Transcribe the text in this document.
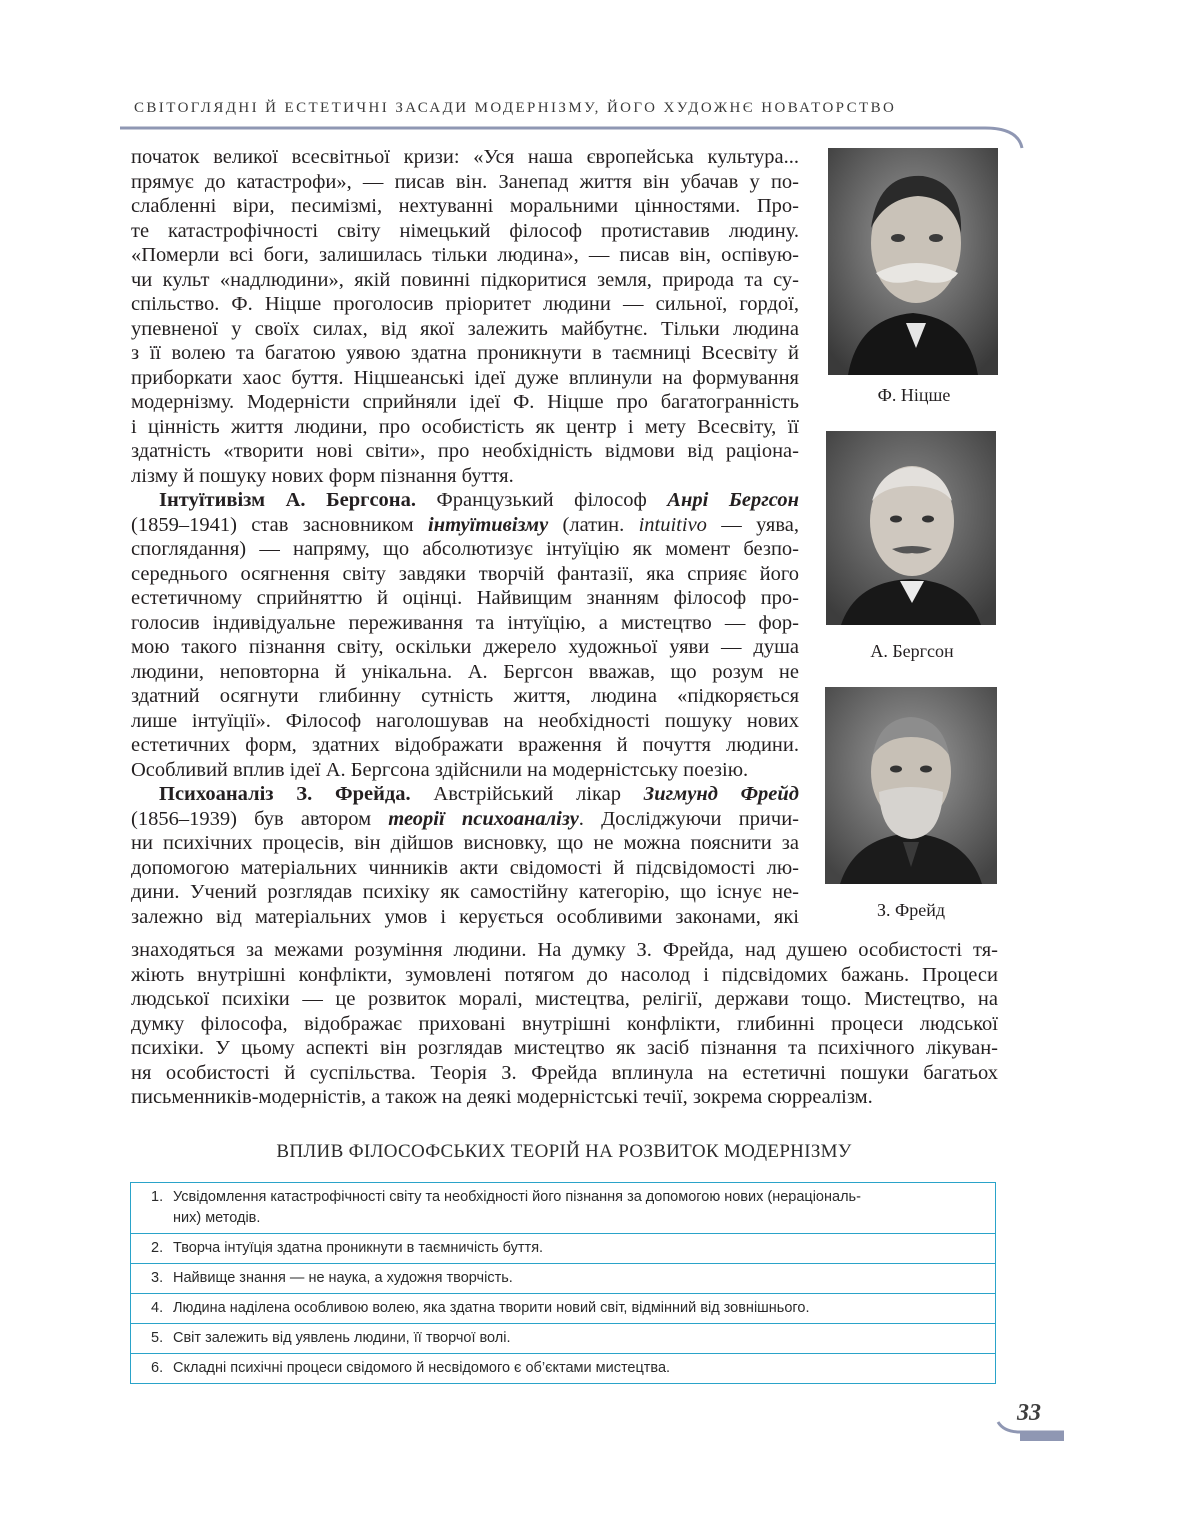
СВІТОГЛЯДНІ Й ЕСТЕТИЧНІ ЗАСАДИ МОДЕРНІЗМУ, ЙОГО ХУДОЖНЄ НОВАТОРСТВО
початок великої всесвітньої кризи: «Уся наша європейська культура...
прямує до катастрофи», — писав він. Занепад життя він убачав у по-
слабленні віри, песимізмі, нехтуванні моральними цінностями. Про-
те катастрофічності світу німецький філософ протиставив людину.
«Померли всі боги, залишилась тільки людина», — писав він, оспівую-
чи культ «надлюдини», якій повинні підкоритися земля, природа та су-
спільство. Ф. Ніцше проголосив пріоритет людини — сильної, гордої,
упевненої у своїх силах, від якої залежить майбутнє. Тільки людина
з її волею та багатою уявою здатна проникнути в таємниці Всесвіту й
приборкати хаос буття. Ніцшеанські ідеї дуже вплинули на формування
модернізму. Модерністи сприйняли ідеї Ф. Ніцше про багатогранність
і цінність життя людини, про особистість як центр і мету Всесвіту, її
здатність «творити нові світи», про необхідність відмови від раціона-
лізму й пошуку нових форм пізнання буття.
Інтуїтивізм А. Бергсона. Французький філософ Анрі Бергсон
(1859–1941) став засновником інтуїтивізму (латин. intuitivo — уява,
споглядання) — напряму, що абсолютизує інтуїцію як момент безпо-
середнього осягнення світу завдяки творчій фантазії, яка сприяє його
естетичному сприйняттю й оцінці. Найвищим знанням філософ про-
голосив індивідуальне переживання та інтуїцію, а мистецтво — фор-
мою такого пізнання світу, оскільки джерело художньої уяви — душа
людини, неповторна й унікальна. А. Бергсон вважав, що розум не
здатний осягнути глибинну сутність життя, людина «підкоряється
лише інтуїції». Філософ наголошував на необхідності пошуку нових
естетичних форм, здатних відображати враження й почуття людини.
Особливий вплив ідеї А. Бергсона здійснили на модерністську поезію.
Психоаналіз З. Фрейда. Австрійський лікар Зигмунд Фрейд
(1856–1939) був автором теорії психоаналізу. Досліджуючи причи-
ни психічних процесів, він дійшов висновку, що не можна пояснити за
допомогою матеріальних чинників акти свідомості й підсвідомості лю-
дини. Учений розглядав психіку як самостійну категорію, що існує не-
залежно від матеріальних умов і керується особливими законами, які
знаходяться за межами розуміння людини. На думку З. Фрейда, над душею особистості тя-
жіють внутрішні конфлікти, зумовлені потягом до насолод і підсвідомих бажань. Процеси
людської психіки — це розвиток моралі, мистецтва, релігії, держави тощо. Мистецтво, на
думку філософа, відображає приховані внутрішні конфлікти, глибинні процеси людської
психіки. У цьому аспекті він розглядав мистецтво як засіб пізнання та психічного лікуван-
ня особистості й суспільства. Теорія З. Фрейда вплинула на естетичні пошуки багатьох
письменників-модерністів, а також на деякі модерністські течії, зокрема сюрреалізм.
Ф. Ніцше
А. Бергсон
З. Фрейд
ВПЛИВ ФІЛОСОФСЬКИХ ТЕОРІЙ НА РОЗВИТОК МОДЕРНІЗМУ
1. Усвідомлення катастрофічності світу та необхідності його пізнання за допомогою нових (нераціональ-
них) методів.
2. Творча інтуїція здатна проникнути в таємничість буття.
3. Найвище знання — не наука, а художня творчість.
4. Людина наділена особливою волею, яка здатна творити новий світ, відмінний від зовнішнього.
5. Світ залежить від уявлень людини, її творчої волі.
6. Складні психічні процеси свідомого й несвідомого є об’єктами мистецтва.
33
